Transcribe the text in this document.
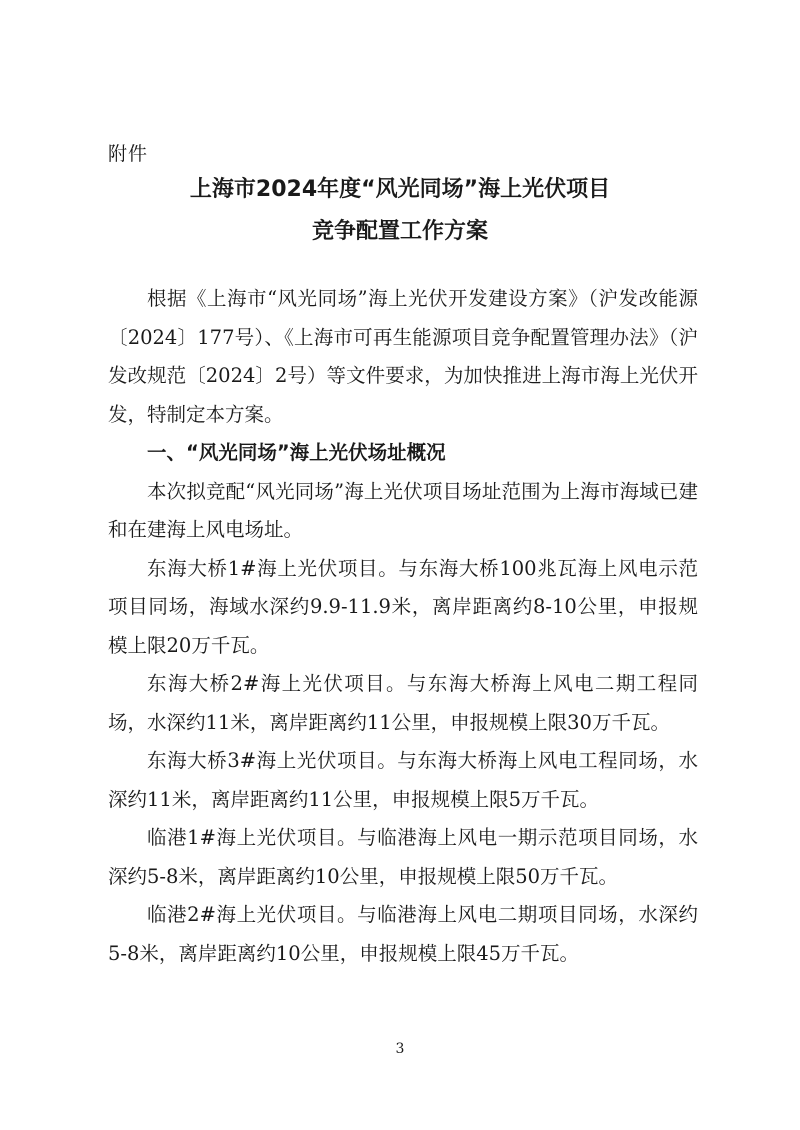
附件
上海市2024年度“风光同场”海上光伏项目
竞争配置工作方案

根据《上海市“风光同场”海上光伏开发建设方案》（沪发改能源〔2024〕177号）、《上海市可再生能源项目竞争配置管理办法》（沪发改规范〔2024〕2号）等文件要求，为加快推进上海市海上光伏开发，特制定本方案。

一、“风光同场”海上光伏场址概况

本次拟竞配“风光同场”海上光伏项目场址范围为上海市海域已建和在建海上风电场址。

东海大桥1#海上光伏项目。与东海大桥100兆瓦海上风电示范项目同场，海域水深约9.9-11.9米，离岸距离约8-10公里，申报规模上限20万千瓦。

东海大桥2#海上光伏项目。与东海大桥海上风电二期工程同场，水深约11米，离岸距离约11公里，申报规模上限30万千瓦。

东海大桥3#海上光伏项目。与东海大桥海上风电工程同场，水深约11米，离岸距离约11公里，申报规模上限5万千瓦。

临港1#海上光伏项目。与临港海上风电一期示范项目同场，水深约5-8米，离岸距离约10公里，申报规模上限50万千瓦。

临港2#海上光伏项目。与临港海上风电二期项目同场，水深约5-8米，离岸距离约10公里，申报规模上限45万千瓦。

3
